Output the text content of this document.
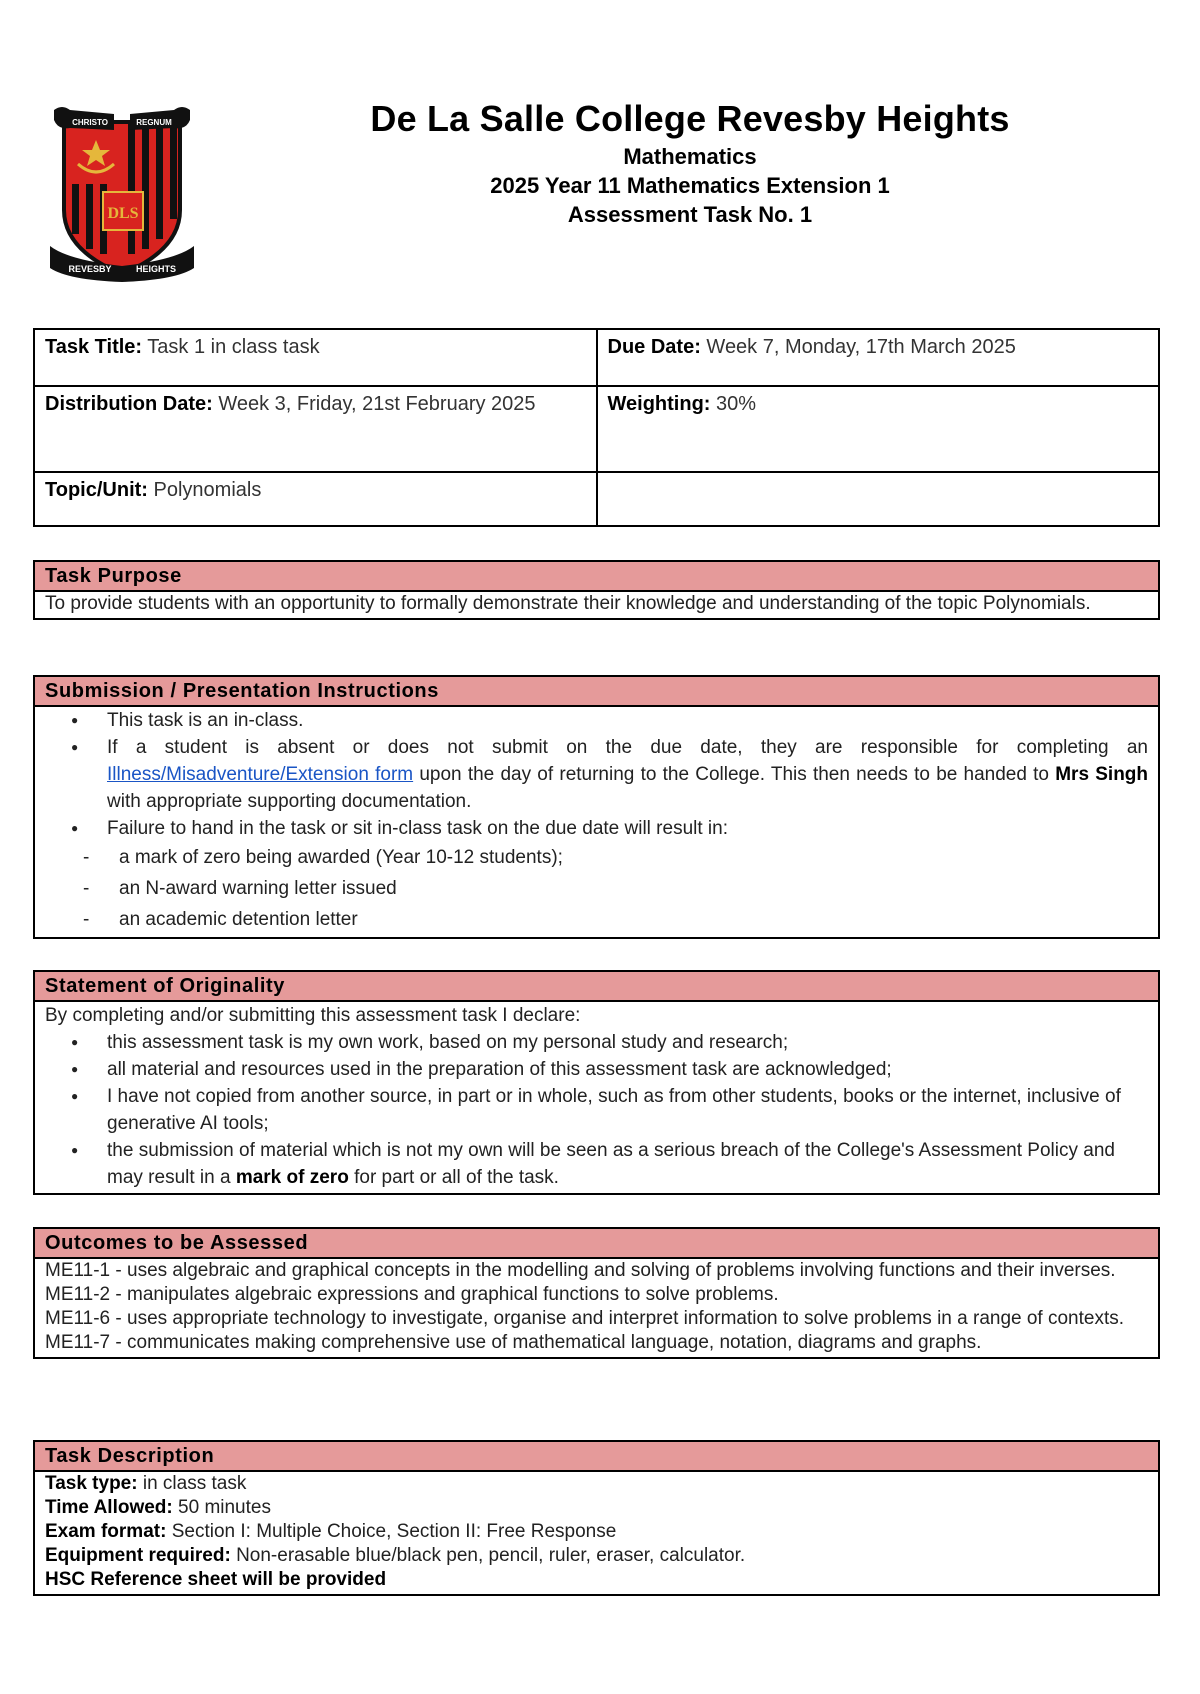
DLS
CHRISTO	REGNUM
REVESBY	HEIGHTS
De La Salle College Revesby Heights
Mathematics
2025 Year 11 Mathematics Extension 1
Assessment Task No. 1
Task Title: Task 1 in class task	Due Date: Week 7, Monday, 17th March 2025
Distribution Date: Week 3, Friday, 21st February 2025	Weighting: 30%
Topic/Unit: Polynomials	
Task Purpose
To provide students with an opportunity to formally demonstrate their knowledge and understanding of the topic Polynomials.
Submission / Presentation Instructions
● This task is an in-class.
● If a student is absent or does not submit on the due date, they are responsible for completing an Illness/Misadventure/Extension form upon the day of returning to the College. This then needs to be handed to Mrs Singh with appropriate supporting documentation.
● Failure to hand in the task or sit in-class task on the due date will result in:
- a mark of zero being awarded (Year 10-12 students);
- an N-award warning letter issued
- an academic detention letter
Statement of Originality
By completing and/or submitting this assessment task I declare:
● this assessment task is my own work, based on my personal study and research;
● all material and resources used in the preparation of this assessment task are acknowledged;
● I have not copied from another source, in part or in whole, such as from other students, books or the internet, inclusive of generative AI tools;
● the submission of material which is not my own will be seen as a serious breach of the College's Assessment Policy and may result in a mark of zero for part or all of the task.
Outcomes to be Assessed
ME11-1 - uses algebraic and graphical concepts in the modelling and solving of problems involving functions and their inverses.
ME11-2 - manipulates algebraic expressions and graphical functions to solve problems.
ME11-6 - uses appropriate technology to investigate, organise and interpret information to solve problems in a range of contexts.
ME11-7 - communicates making comprehensive use of mathematical language, notation, diagrams and graphs.
Task Description
Task type: in class task
Time Allowed: 50 minutes
Exam format: Section I: Multiple Choice, Section II: Free Response
Equipment required: Non-erasable blue/black pen, pencil, ruler, eraser, calculator.
HSC Reference sheet will be provided
